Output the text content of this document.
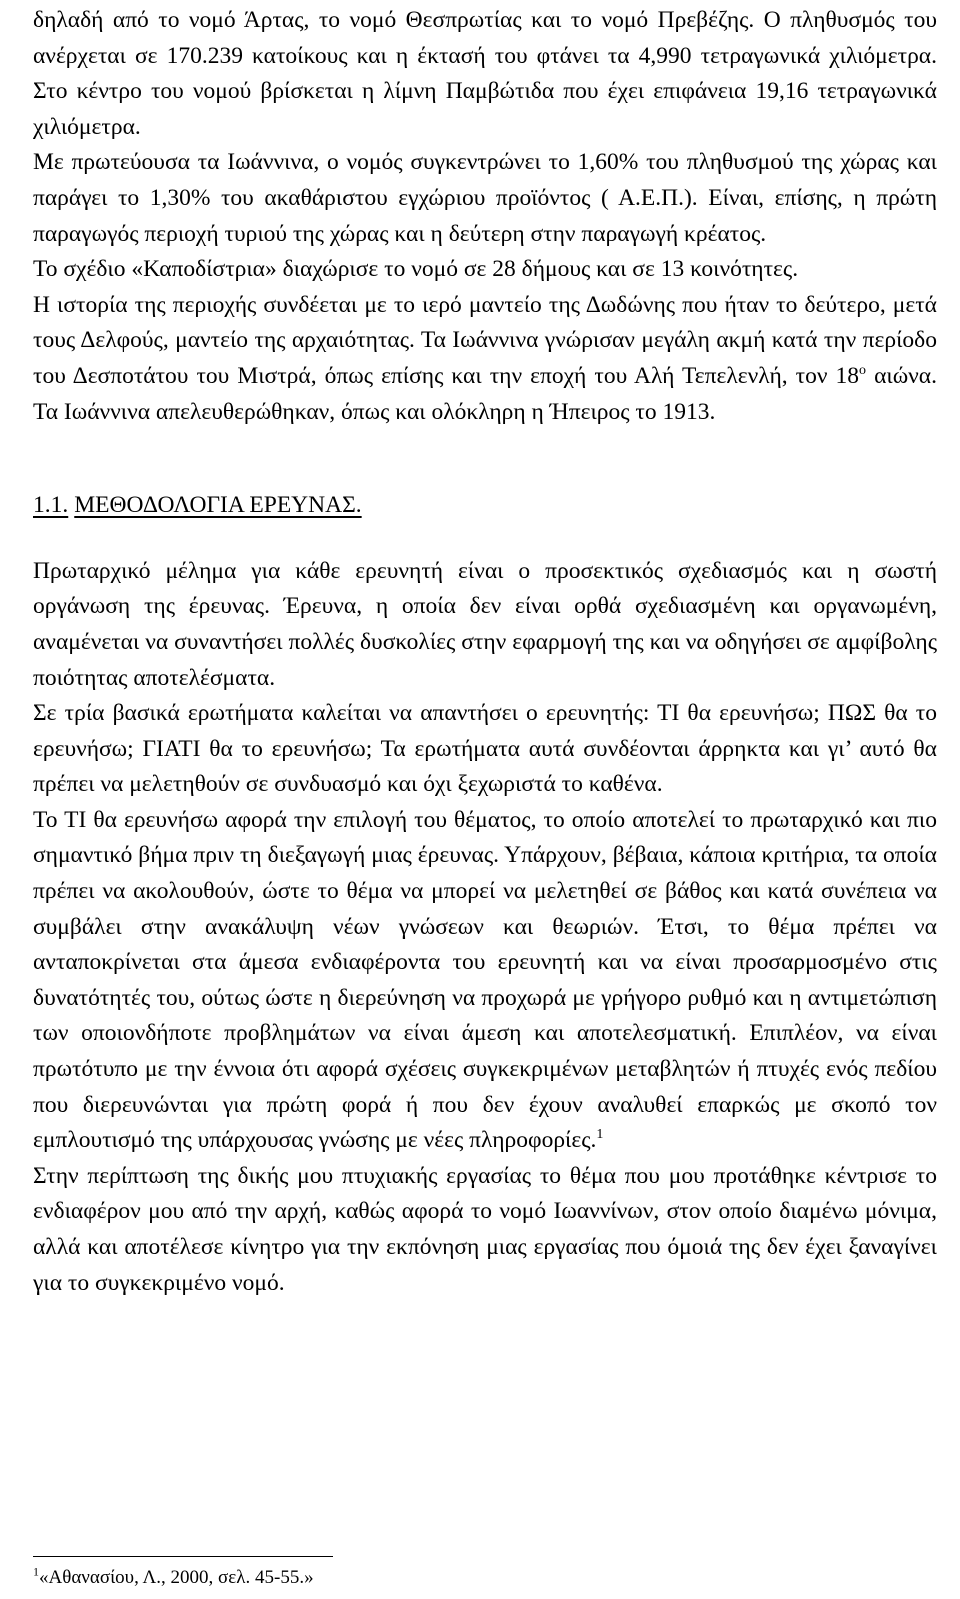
δηλαδή από το νομό Άρτας, το νομό Θεσπρωτίας και το νομό Πρεβέζης. Ο πληθυσμός του ανέρχεται σε 170.239 κατοίκους και η έκτασή του φτάνει τα 4,990 τετραγωνικά χιλιόμετρα. Στο κέντρο του νομού βρίσκεται η λίμνη Παμβώτιδα που έχει επιφάνεια 19,16 τετραγωνικά χιλιόμετρα.

Με πρωτεύουσα τα Ιωάννινα, ο νομός συγκεντρώνει το 1,60% του πληθυσμού της χώρας και παράγει το 1,30% του ακαθάριστου εγχώριου προϊόντος ( Α.Ε.Π.). Είναι, επίσης, η πρώτη παραγωγός περιοχή τυριού της χώρας και η δεύτερη στην παραγωγή κρέατος.

Το σχέδιο «Καποδίστρια» διαχώρισε το νομό σε 28 δήμους και σε 13 κοινότητες.

Η ιστορία της περιοχής συνδέεται με το ιερό μαντείο της Δωδώνης που ήταν το δεύτερο, μετά τους Δελφούς, μαντείο της αρχαιότητας. Τα Ιωάννινα γνώρισαν μεγάλη ακμή κατά την περίοδο του Δεσποτάτου του Μιστρά, όπως επίσης και την εποχή του Αλή Τεπελενλή, τον $18^o$ αιώνα. Τα Ιωάννινα απελευθερώθηκαν, όπως και ολόκληρη η Ήπειρος το 1913.

1.1. ΜΕΘΟΔΟΛΟΓΙΑ ΕΡΕΥΝΑΣ.

Πρωταρχικό μέλημα για κάθε ερευνητή είναι ο προσεκτικός σχεδιασμός και η σωστή οργάνωση της έρευνας. Έρευνα, η οποία δεν είναι ορθά σχεδιασμένη και οργανωμένη, αναμένεται να συναντήσει πολλές δυσκολίες στην εφαρμογή της και να οδηγήσει σε αμφίβολης ποιότητας αποτελέσματα.

Σε τρία βασικά ερωτήματα καλείται να απαντήσει ο ερευνητής: ΤΙ θα ερευνήσω; ΠΩΣ θα το ερευνήσω; ΓΙΑΤΙ θα το ερευνήσω; Τα ερωτήματα αυτά συνδέονται άρρηκτα και γι’ αυτό θα πρέπει να μελετηθούν σε συνδυασμό και όχι ξεχωριστά το καθένα.

Το ΤΙ θα ερευνήσω αφορά την επιλογή του θέματος, το οποίο αποτελεί το πρωταρχικό και πιο σημαντικό βήμα πριν τη διεξαγωγή μιας έρευνας. Υπάρχουν, βέβαια, κάποια κριτήρια, τα οποία πρέπει να ακολουθούν, ώστε το θέμα να μπορεί να μελετηθεί σε βάθος και κατά συνέπεια να συμβάλει στην ανακάλυψη νέων γνώσεων και θεωριών. Έτσι, το θέμα πρέπει να ανταποκρίνεται στα άμεσα ενδιαφέροντα του ερευνητή και να είναι προσαρμοσμένο στις δυνατότητές του, ούτως ώστε η διερεύνηση να προχωρά με γρήγορο ρυθμό και η αντιμετώπιση των οποιονδήποτε προβλημάτων να είναι άμεση και αποτελεσματική. Επιπλέον, να είναι πρωτότυπο με την έννοια ότι αφορά σχέσεις συγκεκριμένων μεταβλητών ή πτυχές ενός πεδίου που διερευνώνται για πρώτη φορά ή που δεν έχουν αναλυθεί επαρκώς με σκοπό τον εμπλουτισμό της υπάρχουσας γνώσης με νέες πληροφορίες.$^1$

Στην περίπτωση της δικής μου πτυχιακής εργασίας το θέμα που μου προτάθηκε κέντρισε το ενδιαφέρον μου από την αρχή, καθώς αφορά το νομό Ιωαννίνων, στον οποίο διαμένω μόνιμα, αλλά και αποτέλεσε κίνητρο για την εκπόνηση μιας εργασίας που όμοιά της δεν έχει ξαναγίνει για το συγκεκριμένο νομό.

$^1$«Αθανασίου, Λ., 2000, σελ. 45-55.»
